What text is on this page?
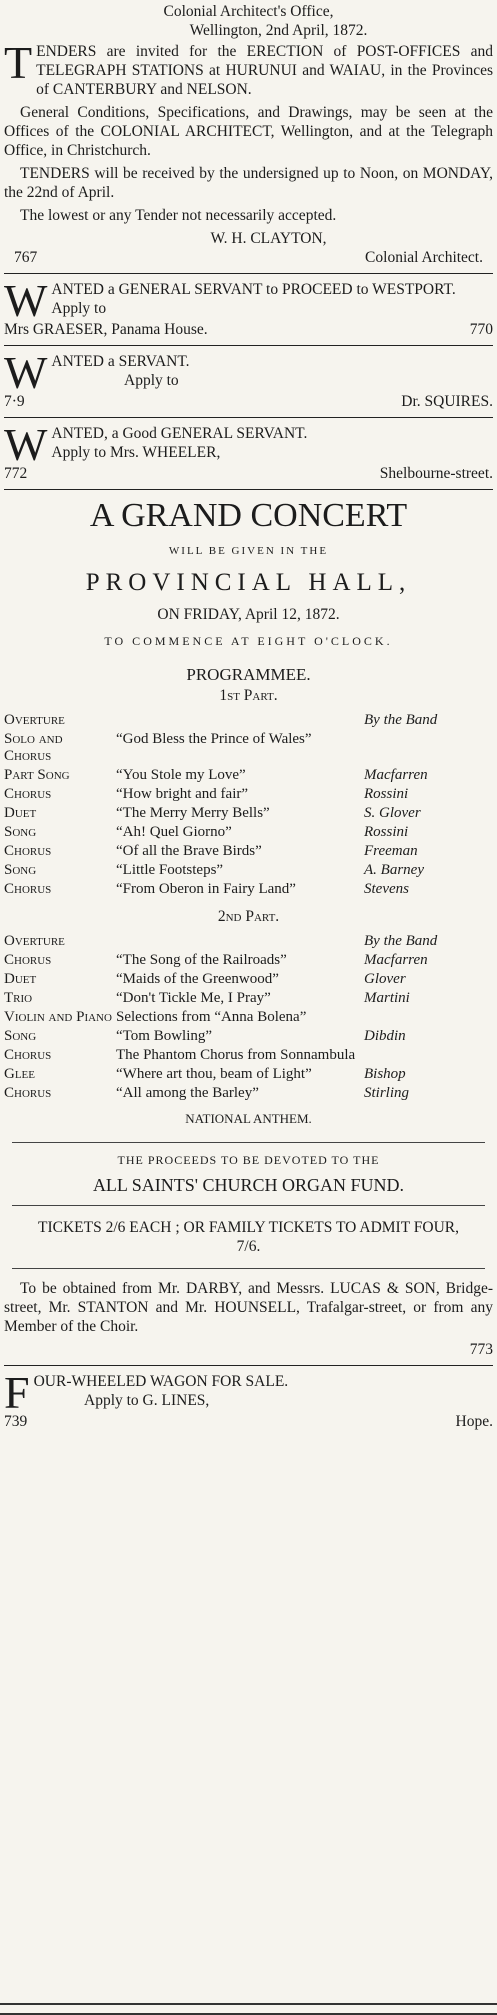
Colonial Architect's Office,
Wellington, 2nd April, 1872.
T ENDERS are invited for the ERECTION of POST-OFFICES and TELEGRAPH STATIONS at HURUNUI and WAIAU, in the Provinces of CANTERBURY and NELSON.
General Conditions, Specifications, and Drawings, may be seen at the Offices of the COLONIAL ARCHITECT, Wellington, and at the Telegraph Office, in Christchurch.
TENDERS will be received by the undersigned up to Noon, on MONDAY, the 22nd of April.
The lowest or any Tender not necessarily accepted.
W. H. CLAYTON,
767	Colonial Architect.
W ANTED a GENERAL SERVANT to PROCEED to WESTPORT. Apply to
Mrs GRAESER, Panama House.	770
W ANTED a SERVANT.
Apply to
7·9	Dr. SQUIRES.
W ANTED, a Good GENERAL SERVANT.
Apply to Mrs. WHEELER,
772	Shelbourne-street.
A GRAND CONCERT
WILL BE GIVEN IN THE
PROVINCIAL HALL,
ON FRIDAY, April 12, 1872.
TO COMMENCE AT EIGHT O'CLOCK.
PROGRAMMEE.
1st Part.
Overture		By the Band
Solo and Chorus	“God Bless the Prince of Wales”	
Part Song	“You Stole my Love”	Macfarren
Chorus	“How bright and fair”	Rossini
Duet	“The Merry Merry Bells”	S. Glover
Song	“Ah! Quel Giorno”	Rossini
Chorus	“Of all the Brave Birds”	Freeman
Song	“Little Footsteps”	A. Barney
Chorus	“From Oberon in Fairy Land”	Stevens
2nd Part.
Overture		By the Band
Chorus	“The Song of the Railroads”	Macfarren
Duet	“Maids of the Greenwood”	Glover
Trio	“Don't Tickle Me, I Pray”	Martini
Violin and Piano	Selections from “Anna Bolena”	
Song	“Tom Bowling”	Dibdin
Chorus	The Phantom Chorus from Sonnambula	
Glee	“Where art thou, beam of Light”	Bishop
Chorus	“All among the Barley”	Stirling
NATIONAL ANTHEM.
THE PROCEEDS TO BE DEVOTED TO THE
ALL SAINTS' CHURCH ORGAN FUND.
TICKETS 2/6 EACH ; OR FAMILY TICKETS TO ADMIT FOUR, 7/6.
To be obtained from Mr. DARBY, and Messrs. LUCAS & SON, Bridge-street, Mr. STANTON and Mr. HOUNSELL, Trafalgar-street, or from any Member of the Choir.
773
F OUR-WHEELED WAGON FOR SALE.
Apply to G. LINES,
739	Hope.
